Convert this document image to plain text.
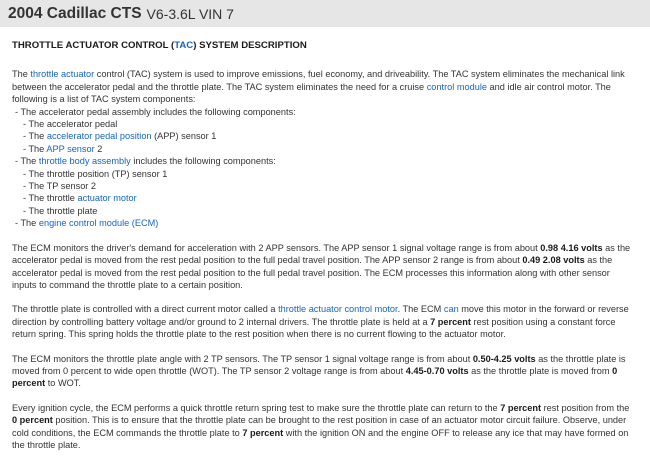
2004 Cadillac CTS V6-3.6L VIN 7
THROTTLE ACTUATOR CONTROL (TAC) SYSTEM DESCRIPTION

The throttle actuator control (TAC) system is used to improve emissions, fuel economy, and driveability. The TAC system eliminates the mechanical link between the accelerator pedal and the throttle plate. The TAC system eliminates the need for a cruise control module and idle air control motor. The following is a list of TAC system components:

- The accelerator pedal assembly includes the following components:
- The accelerator pedal
- The accelerator pedal position (APP) sensor 1
- The APP sensor 2
- The throttle body assembly includes the following components:
- The throttle position (TP) sensor 1
- The TP sensor 2
- The throttle actuator motor
- The throttle plate
- The engine control module (ECM)

The ECM monitors the driver's demand for acceleration with 2 APP sensors. The APP sensor 1 signal voltage range is from about 0.98 4.16 volts as the accelerator pedal is moved from the rest pedal position to the full pedal travel position. The APP sensor 2 range is from about 0.49 2.08 volts as the accelerator pedal is moved from the rest pedal position to the full pedal travel position. The ECM processes this information along with other sensor inputs to command the throttle plate to a certain position.

The throttle plate is controlled with a direct current motor called a throttle actuator control motor. The ECM can move this motor in the forward or reverse direction by controlling battery voltage and/or ground to 2 internal drivers. The throttle plate is held at a 7 percent rest position using a constant force return spring. This spring holds the throttle plate to the rest position when there is no current flowing to the actuator motor.

The ECM monitors the throttle plate angle with 2 TP sensors. The TP sensor 1 signal voltage range is from about 0.50-4.25 volts as the throttle plate is moved from 0 percent to wide open throttle (WOT). The TP sensor 2 voltage range is from about 4.45-0.70 volts as the throttle plate is moved from 0 percent to WOT.

Every ignition cycle, the ECM performs a quick throttle return spring test to make sure the throttle plate can return to the 7 percent rest position from the 0 percent position. This is to ensure that the throttle plate can be brought to the rest position in case of an actuator motor circuit failure. Observe, under cold conditions, the ECM commands the throttle plate to 7 percent with the ignition ON and the engine OFF to release any ice that may have formed on the throttle plate.
